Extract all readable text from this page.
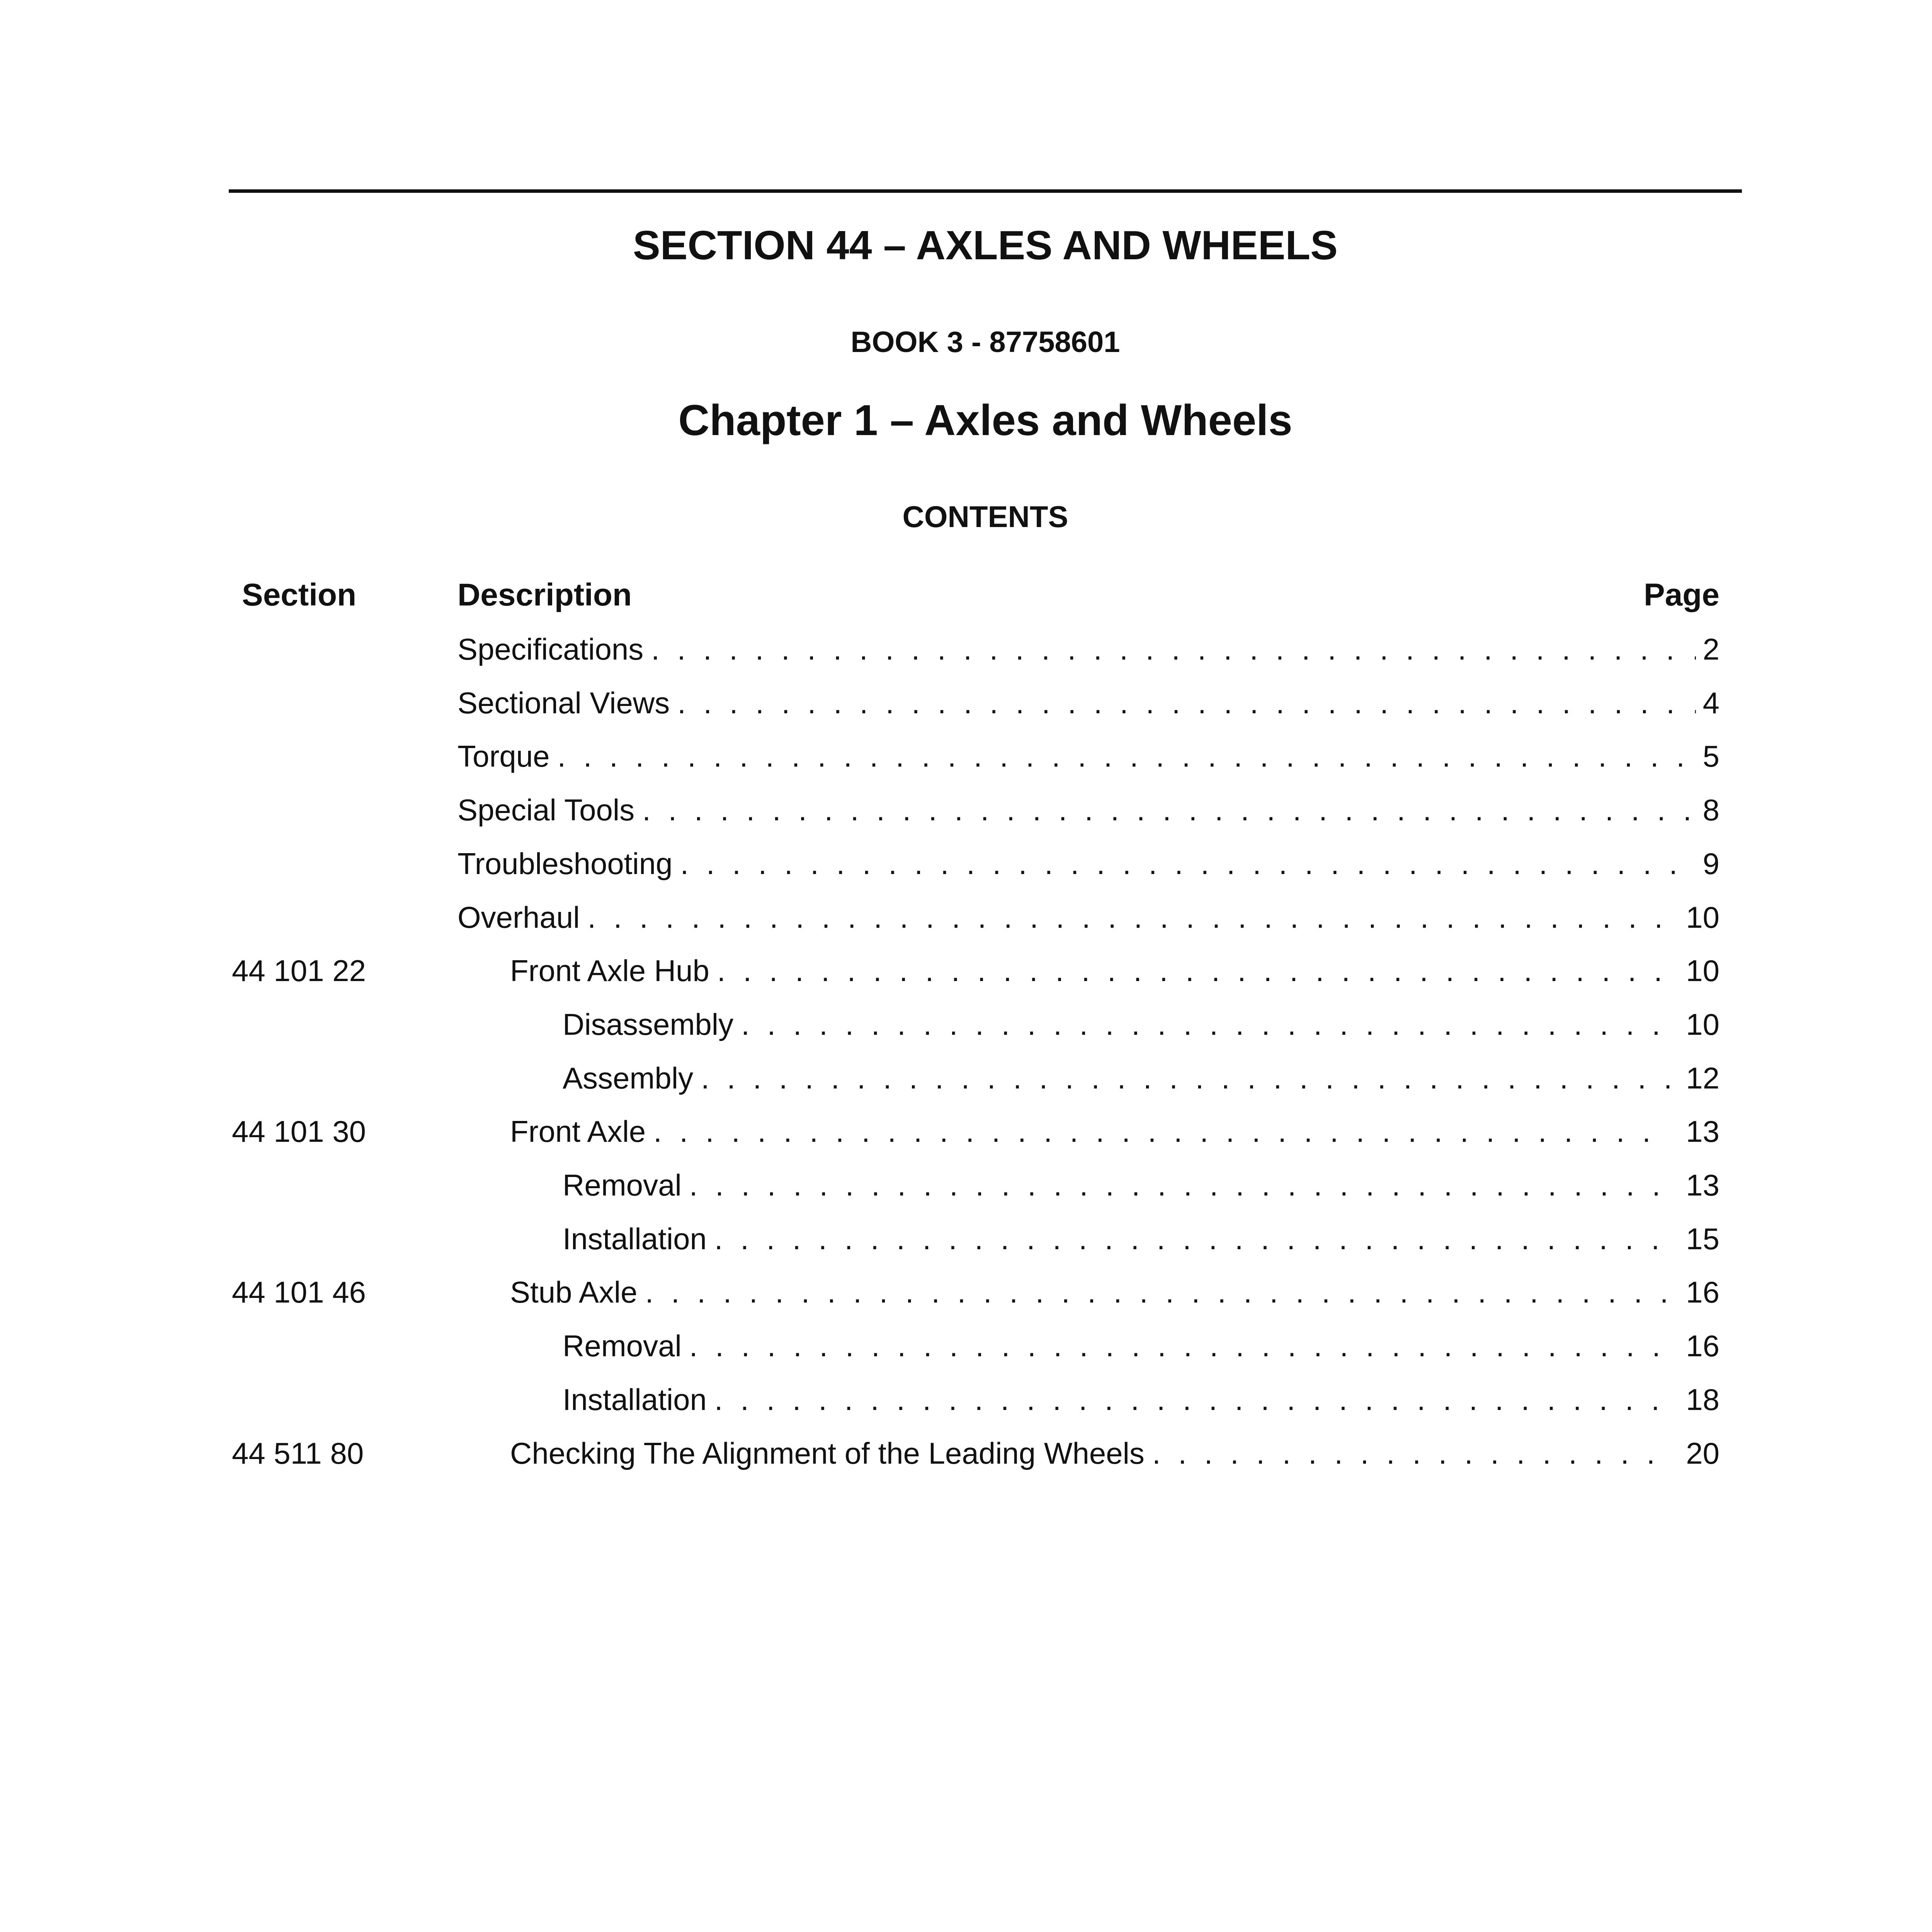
SECTION 44 – AXLES AND WHEELS
BOOK 3 - 87758601
Chapter 1 – Axles and Wheels
CONTENTS
Section	Description	Page
Specifications . . .	2
Sectional Views . . .	4
Torque . . .	5
Special Tools . . .	8
Troubleshooting . . .	9
Overhaul . . .	10
44 101 22	Front Axle Hub . . .	10
Disassembly . . .	10
Assembly . . .	12
44 101 30	Front Axle . . .	13
Removal . . .	13
Installation . . .	15
44 101 46	Stub Axle . . .	16
Removal . . .	16
Installation . . .	18
44 511 80	Checking The Alignment of the Leading Wheels . . .	20
